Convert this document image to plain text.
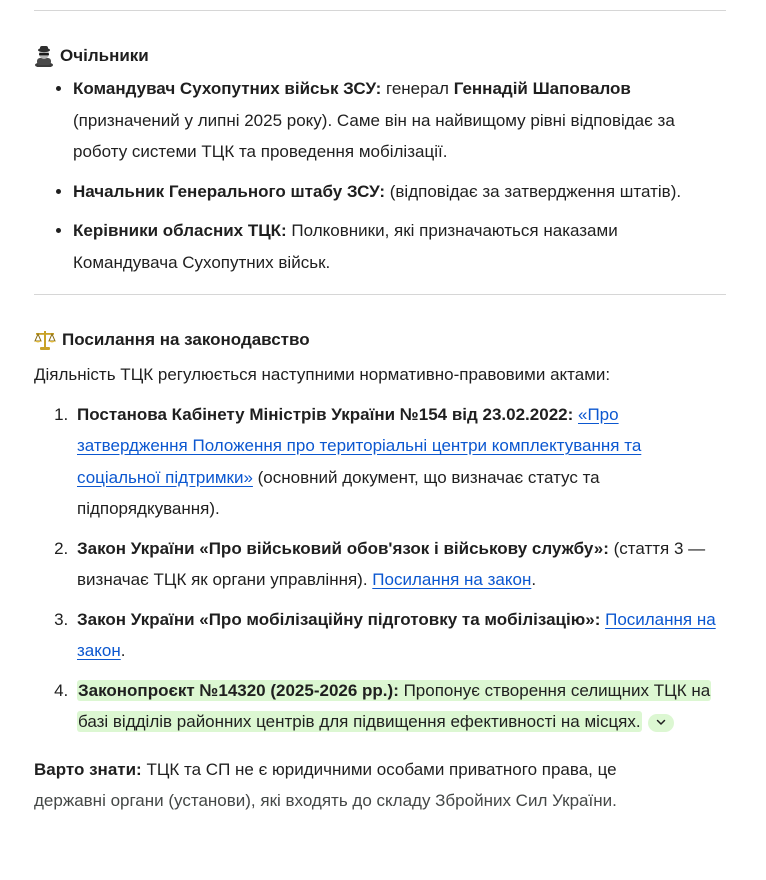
Очільники
• Командувач Сухопутних військ ЗСУ: генерал Геннадій Шаповалов (призначений у липні 2025 року). Саме він на найвищому рівні відповідає за роботу системи ТЦК та проведення мобілізації.
• Начальник Генерального штабу ЗСУ: (відповідає за затвердження штатів).
• Керівники обласних ТЦК: Полковники, які призначаються наказами Командувача Сухопутних військ.
Посилання на законодавство

Діяльність ТЦК регулюється наступними нормативно-правовими актами:

1. Постанова Кабінету Міністрів України №154 від 23.02.2022: «Про затвердження Положення про територіальні центри комплектування та соціальної підтримки» (основний документ, що визначає статус та підпорядкування).
2. Закон України «Про військовий обов'язок і військову службу»: (стаття 3 — визначає ТЦК як органи управління). Посилання на закон.
3. Закон України «Про мобілізаційну підготовку та мобілізацію»: Посилання на закон.
4. Законопроєкт №14320 (2025-2026 рр.): Пропонує створення селищних ТЦК на базі відділів районних центрів для підвищення ефективності на місцях.

Варто знати: ТЦК та СП не є юридичними особами приватного права, це
державні органи (установи), які входять до складу Збройних Сил України.
